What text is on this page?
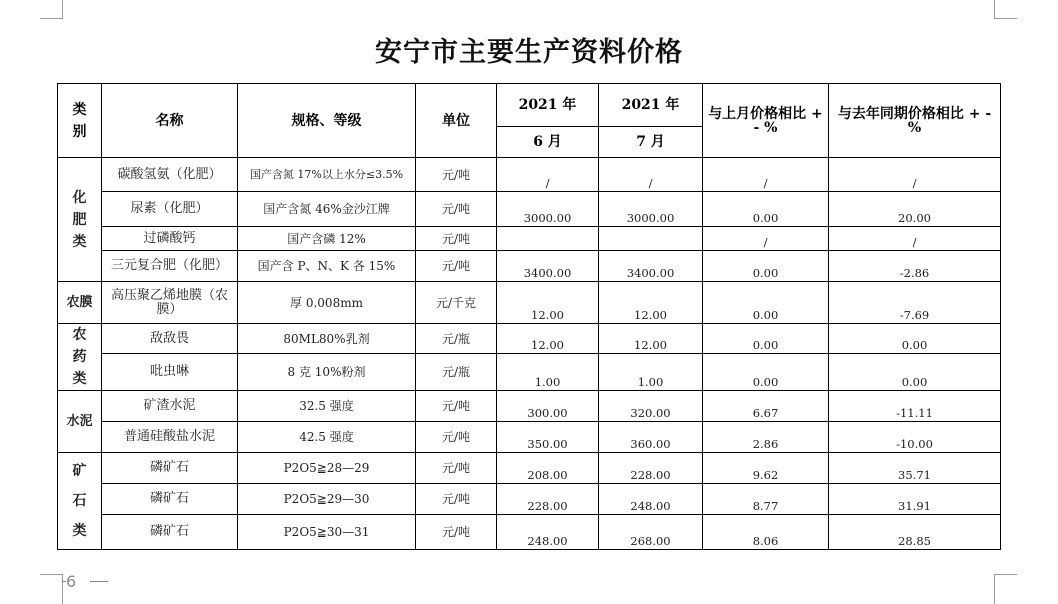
安宁市主要生产资料价格
类别	名称	规格、等级	单位	2021 年	2021 年	与上月价格相比 + - %	与去年同期价格相比 + - %
				6 月	7 月		
化肥类	碳酸氢氨（化肥）	国产含氮 17%以上水分≤3.5%	元/吨	/	/	/	/
	尿素（化肥）	国产含氮 46%金沙江牌	元/吨	3000.00	3000.00	0.00	20.00
	过磷酸钙	国产含磷 12%	元/吨			/	/
	三元复合肥（化肥）	国产含 P、N、K 各 15%	元/吨	3400.00	3400.00	0.00	-2.86
农膜	高压聚乙烯地膜（农膜）	厚 0.008mm	元/千克	12.00	12.00	0.00	-7.69
农药类	敌敌畏	80ML80%乳剂	元/瓶	12.00	12.00	0.00	0.00
	吡虫啉	8 克 10%粉剂	元/瓶	1.00	1.00	0.00	0.00
水泥	矿渣水泥	32.5 强度	元/吨	300.00	320.00	6.67	-11.11
	普通硅酸盐水泥	42.5 强度	元/吨	350.00	360.00	2.86	-10.00
矿石类	磷矿石	P2O5≧28—29	元/吨	208.00	228.00	9.62	35.71
	磷矿石	P2O5≧29—30	元/吨	228.00	248.00	8.77	31.91
	磷矿石	P2O5≧30—31	元/吨	248.00	268.00	8.06	28.85
6
